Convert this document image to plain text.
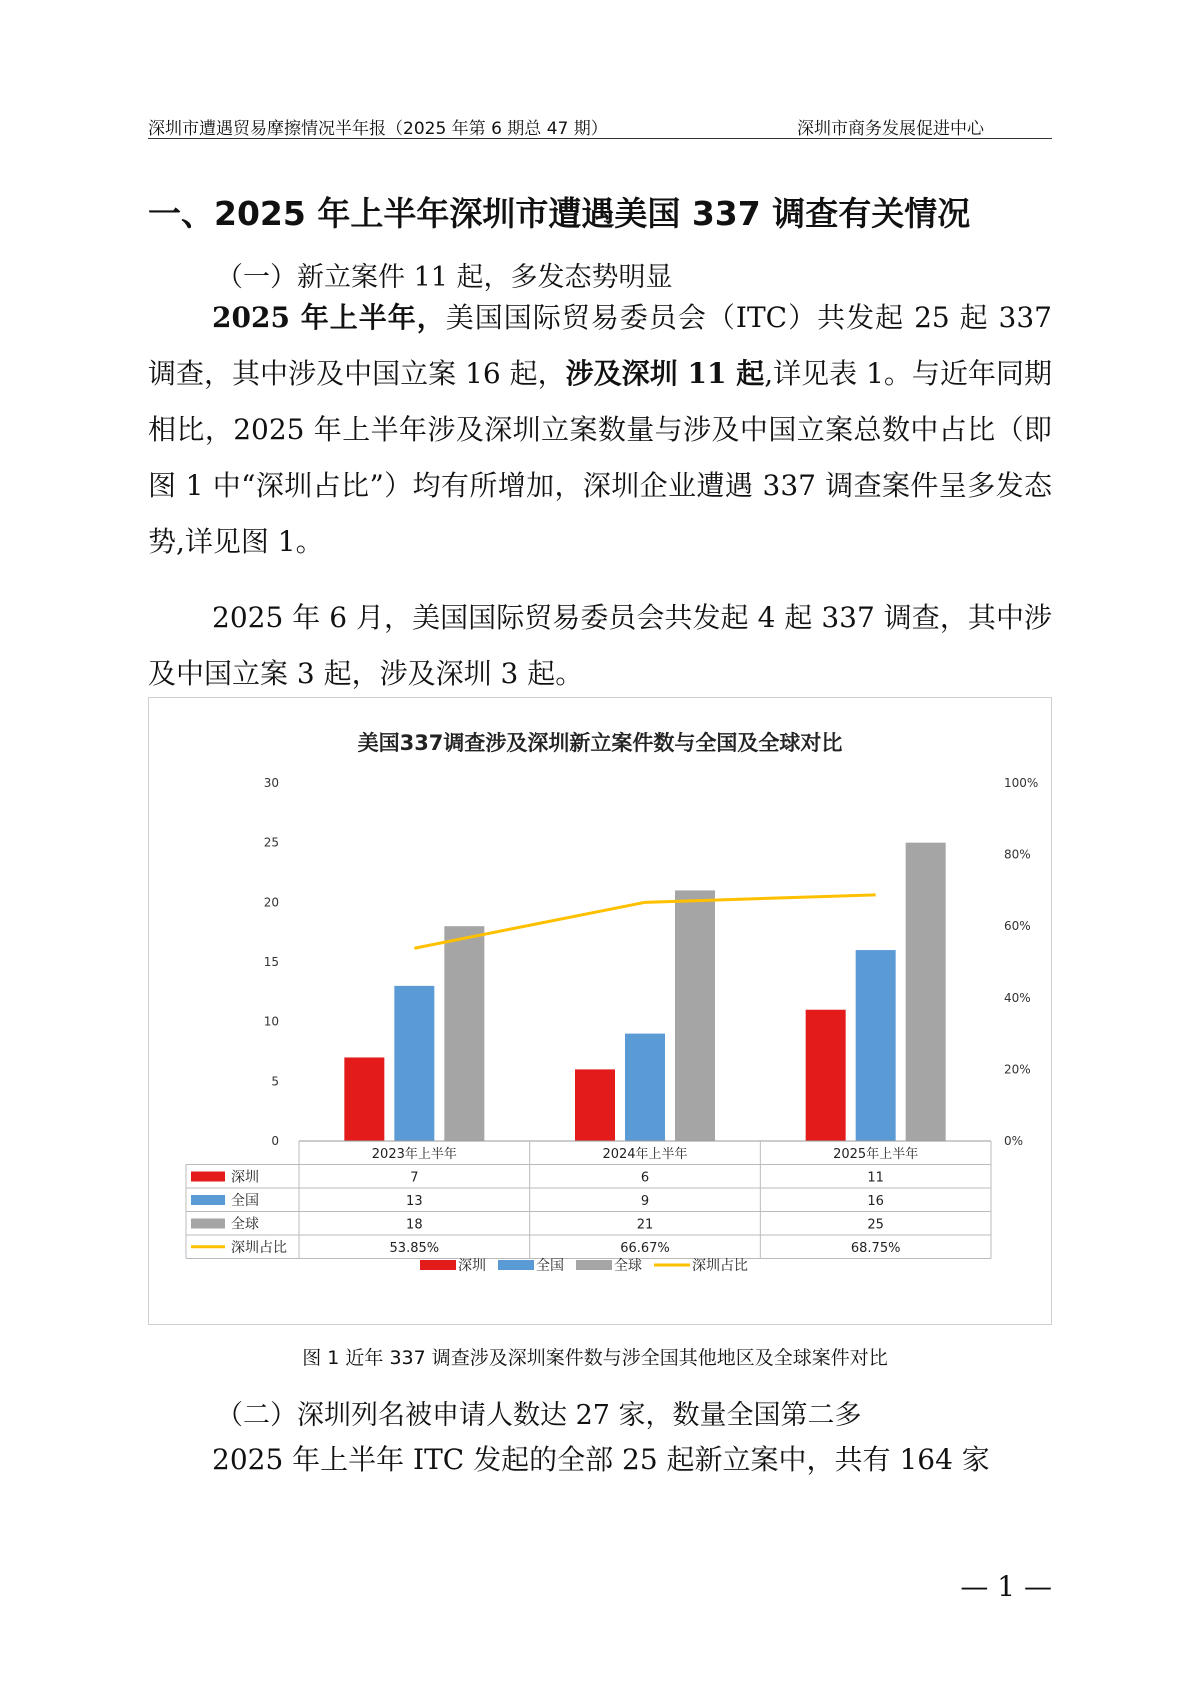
深圳市遭遇贸易摩擦情况半年报（2025 年第 6 期总 47 期）	深圳市商务发展促进中心
一、2025 年上半年深圳市遭遇美国 337 调查有关情况
（一）新立案件 11 起，多发态势明显

2025 年上半年，美国国际贸易委员会（ITC）共发起 25 起 337 调查，其中涉及中国立案 16 起，涉及深圳 11 起,详见表 1。与近年同期相比，2025 年上半年涉及深圳立案数量与涉及中国立案总数中占比（即图 1 中“深圳占比”）均有所增加，深圳企业遭遇 337 调查案件呈多发态势,详见图 1。

2025 年 6 月，美国国际贸易委员会共发起 4 起 337 调查，其中涉及中国立案 3 起，涉及深圳 3 起。

美国337调查涉及深圳新立案件数与全国及全球对比
0
5
10
15
20
25
30
0%
20%
40%
60%
80%
100%
2023年上半年	2024年上半年	2025年上半年
深圳	7	6	11
全国	13	9	16
全球	18	21	25
深圳占比	53.85%	66.67%	68.75%
深圳	全国	全球	深圳占比
图 1 近年 337 调查涉及深圳案件数与涉全国其他地区及全球案件对比
（二）深圳列名被申请人数达 27 家，数量全国第二多

2025 年上半年 ITC 发起的全部 25 起新立案中，共有 164 家

— 1 —
